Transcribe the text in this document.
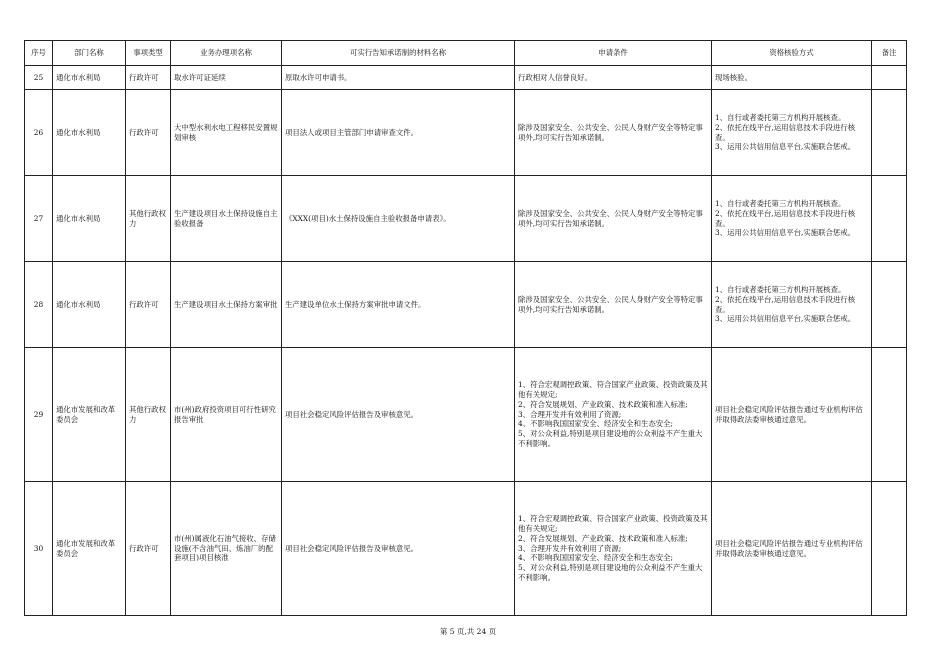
序号	部门名称	事项类型	业务办理项名称	可实行告知承诺制的材料名称	申请条件	资格核验方式	备注
25	通化市水利局	行政许可	取水许可证延续	原取水许可申请书。	行政相对人信誉良好。	现场核验。	
26	通化市水利局	行政许可	大中型水利水电工程移民安置规划审核	项目法人或项目主管部门申请审查文件。	除涉及国家安全、公共安全、公民人身财产安全等特定事项外,均可实行告知承诺制。	1、自行或者委托第三方机构开展核查。
2、依托在线平台,运用信息技术手段进行核查。
3、运用公共信用信息平台,实施联合惩戒。	
27	通化市水利局	其他行政权力	生产建设项目水土保持设施自主验收报备	《XXX(项目)水土保持设施自主验收报备申请表》。	除涉及国家安全、公共安全、公民人身财产安全等特定事项外,均可实行告知承诺制。	1、自行或者委托第三方机构开展核查。
2、依托在线平台,运用信息技术手段进行核查。
3、运用公共信用信息平台,实施联合惩戒。	
28	通化市水利局	行政许可	生产建设项目水土保持方案审批	生产建设单位水土保持方案审批申请文件。	除涉及国家安全、公共安全、公民人身财产安全等特定事项外,均可实行告知承诺制。	1、自行或者委托第三方机构开展核查。
2、依托在线平台,运用信息技术手段进行核查。
3、运用公共信用信息平台,实施联合惩戒。	
29	通化市发展和改革委员会	其他行政权力	市(州)政府投资项目可行性研究报告审批	项目社会稳定风险评估报告及审核意见。	1、符合宏观调控政策、符合国家产业政策、投资政策及其他有关规定;
2、符合发展规划、产业政策、技术政策和准入标准;
3、合理开发并有效利用了资源;
4、不影响我国国家安全、经济安全和生态安全;
5、对公众利益,特别是项目建设地的公众利益不产生重大不利影响。	项目社会稳定风险评估报告通过专业机构评估并取得政法委审核通过意见。	
30	通化市发展和改革委员会	行政许可	市(州)属液化石油气接收、存储设施(不含油气田、炼油厂的配套项目)项目核准	项目社会稳定风险评估报告及审核意见。	1、符合宏观调控政策、符合国家产业政策、投资政策及其他有关规定;
2、符合发展规划、产业政策、技术政策和准入标准;
3、合理开发并有效利用了资源;
4、不影响我国国家安全、经济安全和生态安全;
5、对公众利益,特别是项目建设地的公众利益不产生重大不利影响。	项目社会稳定风险评估报告通过专业机构评估并取得政法委审核通过意见。	
第 5 页,共 24 页
